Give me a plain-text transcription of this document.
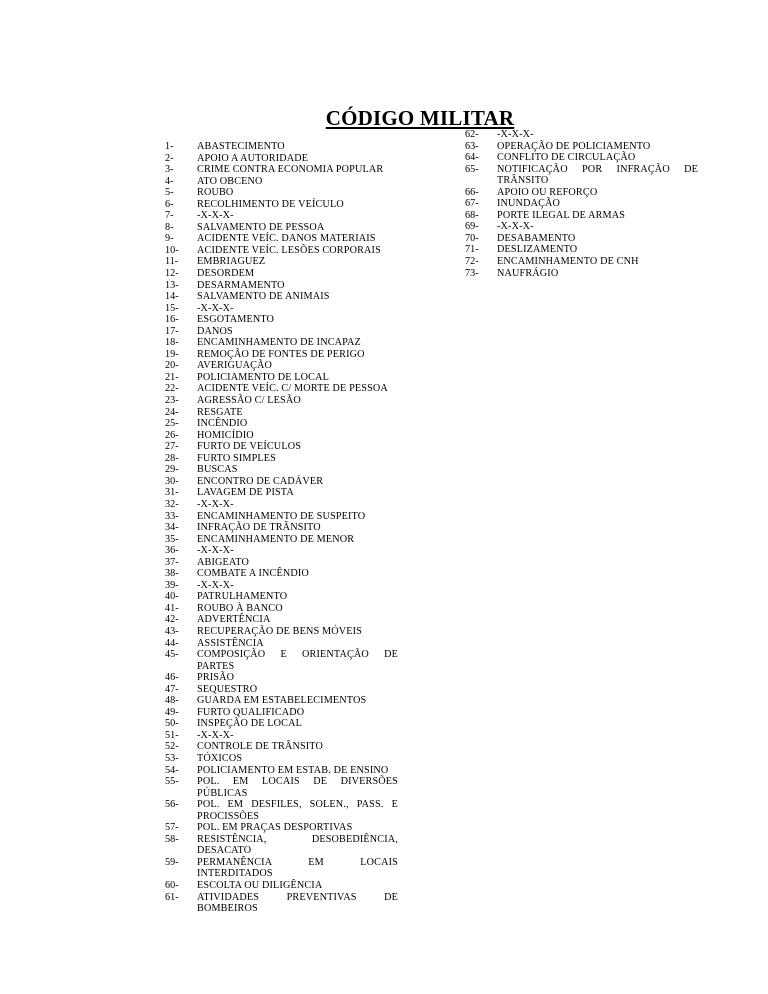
CÓDIGO MILITAR
1-	ABASTECIMENTO
2-	APOIO A AUTORIDADE
3-	CRIME CONTRA ECONOMIA POPULAR
4-	ATO OBCENO
5-	ROUBO
6-	RECOLHIMENTO DE VEÍCULO
7-	-X-X-X-
8-	SALVAMENTO DE PESSOA
9-	ACIDENTE VEÍC. DANOS MATERIAIS
10-	ACIDENTE VEÍC. LESÕES CORPORAIS
11-	EMBRIAGUEZ
12-	DESORDEM
13-	DESARMAMENTO
14-	SALVAMENTO DE ANIMAIS
15-	-X-X-X-
16-	ESGOTAMENTO
17-	DANOS
18-	ENCAMINHAMENTO DE INCAPAZ
19-	REMOÇÃO DE FONTES DE PERIGO
20-	AVERIGUAÇÃO
21-	POLICIAMENTO DE LOCAL
22-	ACIDENTE VEÍC. C/ MORTE DE PESSOA
23-	AGRESSÃO C/ LESÃO
24-	RESGATE
25-	INCÊNDIO
26-	HOMICÍDIO
27-	FURTO DE VEÍCULOS
28-	FURTO SIMPLES
29-	BUSCAS
30-	ENCONTRO DE CADÁVER
31-	LAVAGEM DE PISTA
32-	-X-X-X-
33-	ENCAMINHAMENTO DE SUSPEITO
34-	INFRAÇÃO DE TRÂNSITO
35-	ENCAMINHAMENTO DE MENOR
36-	-X-X-X-
37-	ABIGEATO
38-	COMBATE A INCÊNDIO
39-	-X-X-X-
40-	PATRULHAMENTO
41-	ROUBO À BANCO
42-	ADVERTÊNCIA
43-	RECUPERAÇÃO DE BENS MÓVEIS
44-	ASSISTÊNCIA
45-	COMPOSIÇÃO E ORIENTAÇÃO DE PARTES
46-	PRISÃO
47-	SEQUESTRO
48-	GUARDA EM ESTABELECIMENTOS
49-	FURTO QUALIFICADO
50-	INSPEÇÃO DE LOCAL
51-	-X-X-X-
52-	CONTROLE DE TRÂNSITO
53-	TÓXICOS
54-	POLICIAMENTO EM ESTAB. DE ENSINO
55-	POL. EM LOCAIS DE DIVERSÕES PÚBLICAS
56-	POL. EM DESFILES, SOLEN., PASS. E PROCISSÕES
57-	POL. EM PRAÇAS DESPORTIVAS
58-	RESISTÊNCIA, DESOBEDIÊNCIA, DESACATO
59-	PERMANÊNCIA EM LOCAIS INTERDITADOS
60-	ESCOLTA OU DILIGÊNCIA
61-	ATIVIDADES PREVENTIVAS DE BOMBEIROS
62-	-X-X-X-
63-	OPERAÇÃO DE POLICIAMENTO
64-	CONFLITO DE CIRCULAÇÃO
65-	NOTIFICAÇÃO POR INFRAÇÃO DE TRÂNSITO
66-	APOIO OU REFORÇO
67-	INUNDAÇÃO
68-	PORTE ILEGAL DE ARMAS
69-	-X-X-X-
70-	DESABAMENTO
71-	DESLIZAMENTO
72-	ENCAMINHAMENTO DE CNH
73-	NAUFRÁGIO
